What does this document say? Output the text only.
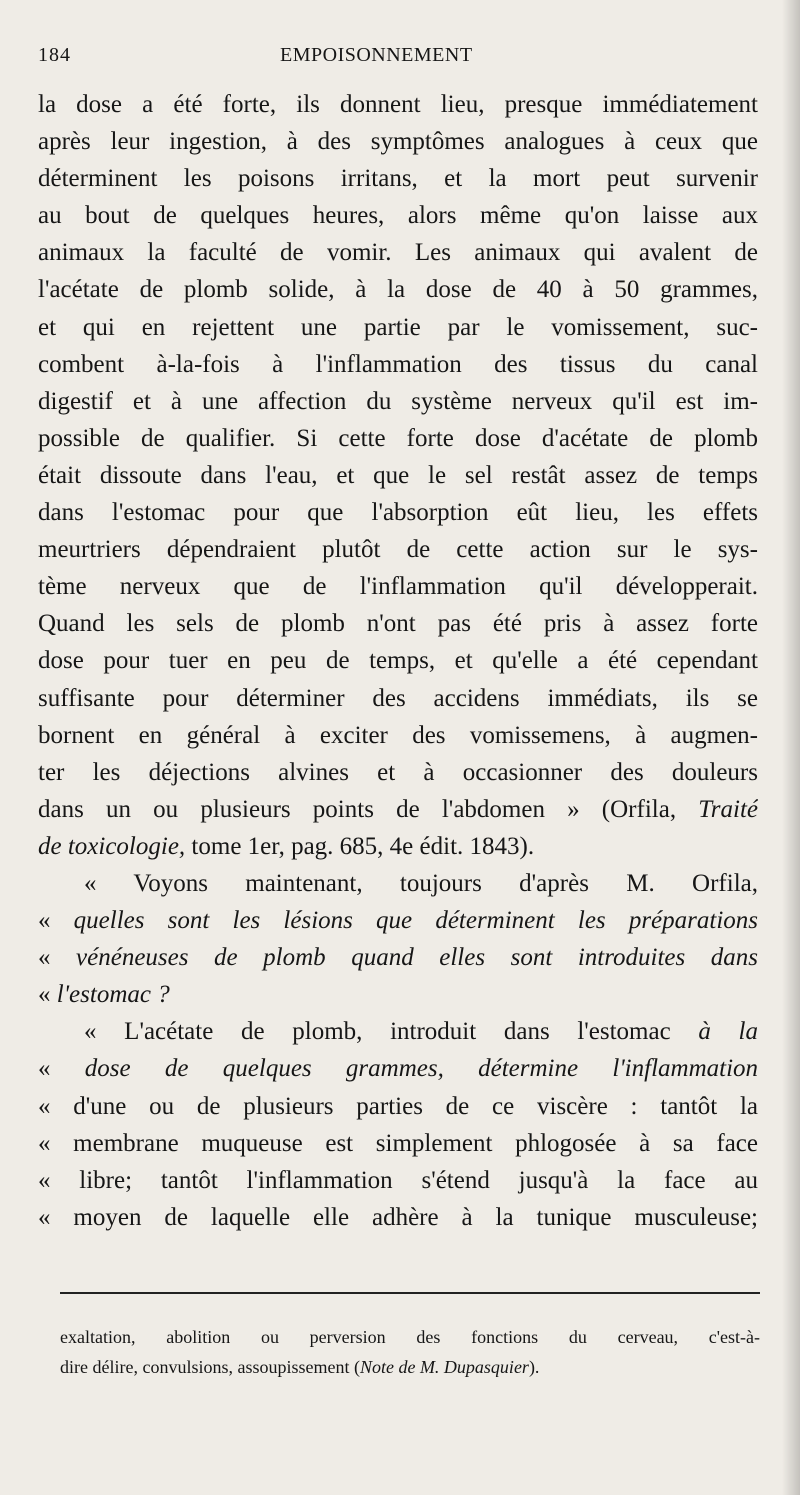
184	EMPOISONNEMENT
la dose a été forte, ils donnent lieu, presque immédiatement
après leur ingestion, à des symptômes analogues à ceux que
déterminent les poisons irritans, et la mort peut survenir
au bout de quelques heures, alors même qu'on laisse aux
animaux la faculté de vomir. Les animaux qui avalent de
l'acétate de plomb solide, à la dose de 40 à 50 grammes,
et qui en rejettent une partie par le vomissement, suc-
combent à-la-fois à l'inflammation des tissus du canal
digestif et à une affection du système nerveux qu'il est im-
possible de qualifier. Si cette forte dose d'acétate de plomb
était dissoute dans l'eau, et que le sel restât assez de temps
dans l'estomac pour que l'absorption eût lieu, les effets
meurtriers dépendraient plutôt de cette action sur le sys-
tème nerveux que de l'inflammation qu'il développerait.
Quand les sels de plomb n'ont pas été pris à assez forte
dose pour tuer en peu de temps, et qu'elle a été cependant
suffisante pour déterminer des accidens immédiats, ils se
bornent en général à exciter des vomissemens, à augmen-
ter les déjections alvines et à occasionner des douleurs
dans un ou plusieurs points de l'abdomen » (Orfila, Traité
de toxicologie, tome 1er, pag. 685, 4e édit. 1843).
« Voyons maintenant, toujours d'après M. Orfila,
« quelles sont les lésions que déterminent les préparations
« vénéneuses de plomb quand elles sont introduites dans
« l'estomac ?
« L'acétate de plomb, introduit dans l'estomac à la
« dose de quelques grammes, détermine l'inflammation
« d'une ou de plusieurs parties de ce viscère : tantôt la
« membrane muqueuse est simplement phlogosée à sa face
« libre; tantôt l'inflammation s'étend jusqu'à la face au
« moyen de laquelle elle adhère à la tunique musculeuse;
exaltation, abolition ou perversion des fonctions du cerveau, c'est-à-
dire délire, convulsions, assoupissement (Note de M. Dupasquier).
